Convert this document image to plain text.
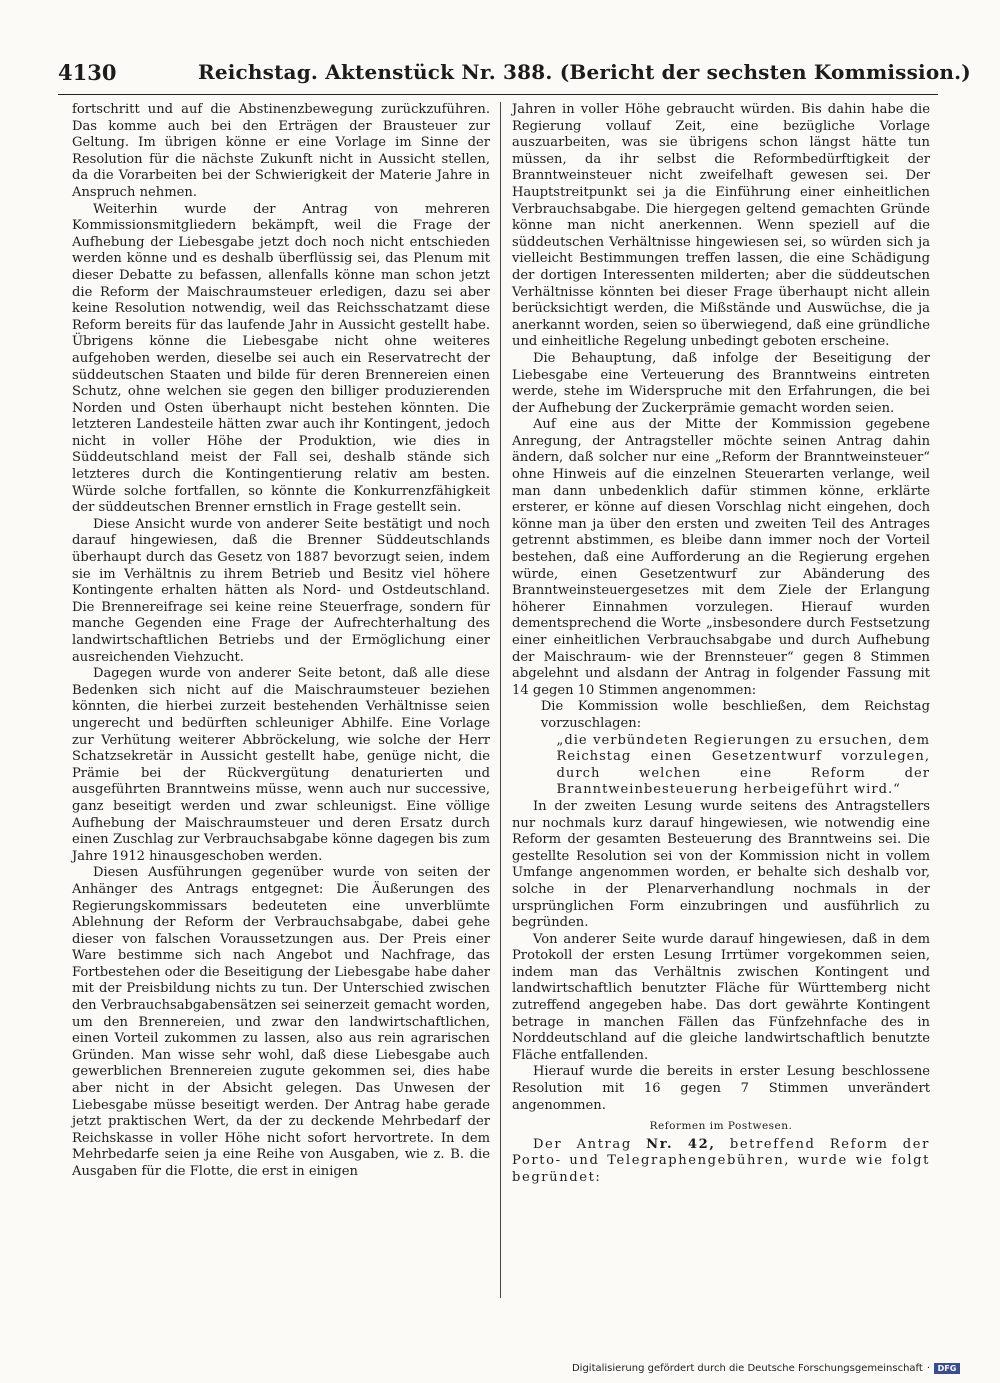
4130	Reichstag. Aktenstück Nr. 388. (Bericht der sechsten Kommission.)

fortschritt und auf die Abstinenzbewegung zurückzuführen. Das komme auch bei den Erträgen der Brausteuer zur Geltung. Im übrigen könne er eine Vorlage im Sinne der Resolution für die nächste Zukunft nicht in Aussicht stellen, da die Vorarbeiten bei der Schwierigkeit der Materie Jahre in Anspruch nehmen.

Weiterhin wurde der Antrag von mehreren Kommissionsmitgliedern bekämpft, weil die Frage der Aufhebung der Liebesgabe jetzt doch noch nicht entschieden werden könne und es deshalb überflüssig sei, das Plenum mit dieser Debatte zu befassen, allenfalls könne man schon jetzt die Reform der Maischraumsteuer erledigen, dazu sei aber keine Resolution notwendig, weil das Reichsschatzamt diese Reform bereits für das laufende Jahr in Aussicht gestellt habe. Übrigens könne die Liebesgabe nicht ohne weiteres aufgehoben werden, dieselbe sei auch ein Reservatrecht der süddeutschen Staaten und bilde für deren Brennereien einen Schutz, ohne welchen sie gegen den billiger produzierenden Norden und Osten überhaupt nicht bestehen könnten. Die letzteren Landesteile hätten zwar auch ihr Kontingent, jedoch nicht in voller Höhe der Produktion, wie dies in Süddeutschland meist der Fall sei, deshalb stände sich letzteres durch die Kontingentierung relativ am besten. Würde solche fortfallen, so könnte die Konkurrenzfähigkeit der süddeutschen Brenner ernstlich in Frage gestellt sein.

Diese Ansicht wurde von anderer Seite bestätigt und noch darauf hingewiesen, daß die Brenner Süddeutschlands überhaupt durch das Gesetz von 1887 bevorzugt seien, indem sie im Verhältnis zu ihrem Betrieb und Besitz viel höhere Kontingente erhalten hätten als Nord- und Ostdeutschland. Die Brennereifrage sei keine reine Steuerfrage, sondern für manche Gegenden eine Frage der Aufrechterhaltung des landwirtschaftlichen Betriebs und der Ermöglichung einer ausreichenden Viehzucht.

Dagegen wurde von anderer Seite betont, daß alle diese Bedenken sich nicht auf die Maischraumsteuer beziehen könnten, die hierbei zurzeit bestehenden Verhältnisse seien ungerecht und bedürften schleuniger Abhilfe. Eine Vorlage zur Verhütung weiterer Abbröckelung, wie solche der Herr Schatzsekretär in Aussicht gestellt habe, genüge nicht, die Prämie bei der Rückvergütung denaturierten und ausgeführten Branntweins müsse, wenn auch nur successive, ganz beseitigt werden und zwar schleunigst. Eine völlige Aufhebung der Maischraumsteuer und deren Ersatz durch einen Zuschlag zur Verbrauchsabgabe könne dagegen bis zum Jahre 1912 hinausgeschoben werden.

Diesen Ausführungen gegenüber wurde von seiten der Anhänger des Antrags entgegnet: Die Äußerungen des Regierungskommissars bedeuteten eine unverblümte Ablehnung der Reform der Verbrauchsabgabe, dabei gehe dieser von falschen Voraussetzungen aus. Der Preis einer Ware bestimme sich nach Angebot und Nachfrage, das Fortbestehen oder die Beseitigung der Liebesgabe habe daher mit der Preisbildung nichts zu tun. Der Unterschied zwischen den Verbrauchsabgabensätzen sei seinerzeit gemacht worden, um den Brennereien, und zwar den landwirtschaftlichen, einen Vorteil zukommen zu lassen, also aus rein agrarischen Gründen. Man wisse sehr wohl, daß diese Liebesgabe auch gewerblichen Brennereien zugute gekommen sei, dies habe aber nicht in der Absicht gelegen. Das Unwesen der Liebesgabe müsse beseitigt werden. Der Antrag habe gerade jetzt praktischen Wert, da der zu deckende Mehrbedarf der Reichskasse in voller Höhe nicht sofort hervortrete. In dem Mehrbedarfe seien ja eine Reihe von Ausgaben, wie z. B. die Ausgaben für die Flotte, die erst in einigen

Jahren in voller Höhe gebraucht würden. Bis dahin habe die Regierung vollauf Zeit, eine bezügliche Vorlage auszuarbeiten, was sie übrigens schon längst hätte tun müssen, da ihr selbst die Reformbedürftigkeit der Branntweinsteuer nicht zweifelhaft gewesen sei. Der Hauptstreitpunkt sei ja die Einführung einer einheitlichen Verbrauchsabgabe. Die hiergegen geltend gemachten Gründe könne man nicht anerkennen. Wenn speziell auf die süddeutschen Verhältnisse hingewiesen sei, so würden sich ja vielleicht Bestimmungen treffen lassen, die eine Schädigung der dortigen Interessenten milderten; aber die süddeutschen Verhältnisse könnten bei dieser Frage überhaupt nicht allein berücksichtigt werden, die Mißstände und Auswüchse, die ja anerkannt worden, seien so überwiegend, daß eine gründliche und einheitliche Regelung unbedingt geboten erscheine.

Die Behauptung, daß infolge der Beseitigung der Liebesgabe eine Verteuerung des Branntweins eintreten werde, stehe im Widerspruche mit den Erfahrungen, die bei der Aufhebung der Zuckerprämie gemacht worden seien.

Auf eine aus der Mitte der Kommission gegebene Anregung, der Antragsteller möchte seinen Antrag dahin ändern, daß solcher nur eine „Reform der Branntweinsteuer“ ohne Hinweis auf die einzelnen Steuerarten verlange, weil man dann unbedenklich dafür stimmen könne, erklärte ersterer, er könne auf diesen Vorschlag nicht eingehen, doch könne man ja über den ersten und zweiten Teil des Antrages getrennt abstimmen, es bleibe dann immer noch der Vorteil bestehen, daß eine Aufforderung an die Regierung ergehen würde, einen Gesetzentwurf zur Abänderung des Branntweinsteuergesetzes mit dem Ziele der Erlangung höherer Einnahmen vorzulegen. Hierauf wurden dementsprechend die Worte „insbesondere durch Festsetzung einer einheitlichen Verbrauchsabgabe und durch Aufhebung der Maischraum- wie der Brennsteuer“ gegen 8 Stimmen abgelehnt und alsdann der Antrag in folgender Fassung mit 14 gegen 10 Stimmen angenommen:

Die Kommission wolle beschließen, dem Reichstag vorzuschlagen:

„die verbündeten Regierungen zu ersuchen, dem Reichstag einen Gesetzentwurf vorzulegen, durch welchen eine Reform der Branntweinbesteuerung herbeigeführt wird.“

In der zweiten Lesung wurde seitens des Antragstellers nur nochmals kurz darauf hingewiesen, wie notwendig eine Reform der gesamten Besteuerung des Branntweins sei. Die gestellte Resolution sei von der Kommission nicht in vollem Umfange angenommen worden, er behalte sich deshalb vor, solche in der Plenarverhandlung nochmals in der ursprünglichen Form einzubringen und ausführlich zu begründen.

Von anderer Seite wurde darauf hingewiesen, daß in dem Protokoll der ersten Lesung Irrtümer vorgekommen seien, indem man das Verhältnis zwischen Kontingent und landwirtschaftlich benutzter Fläche für Württemberg nicht zutreffend angegeben habe. Das dort gewährte Kontingent betrage in manchen Fällen das Fünfzehnfache des in Norddeutschland auf die gleiche landwirtschaftlich benutzte Fläche entfallenden.

Hierauf wurde die bereits in erster Lesung beschlossene Resolution mit 16 gegen 7 Stimmen unverändert angenommen.

Reformen im Postwesen.

Der Antrag Nr. 42, betreffend Reform der Porto- und Telegraphengebühren, wurde wie folgt begründet:

Digitalisierung gefördert durch die Deutsche Forschungsgemeinschaft · DFG
